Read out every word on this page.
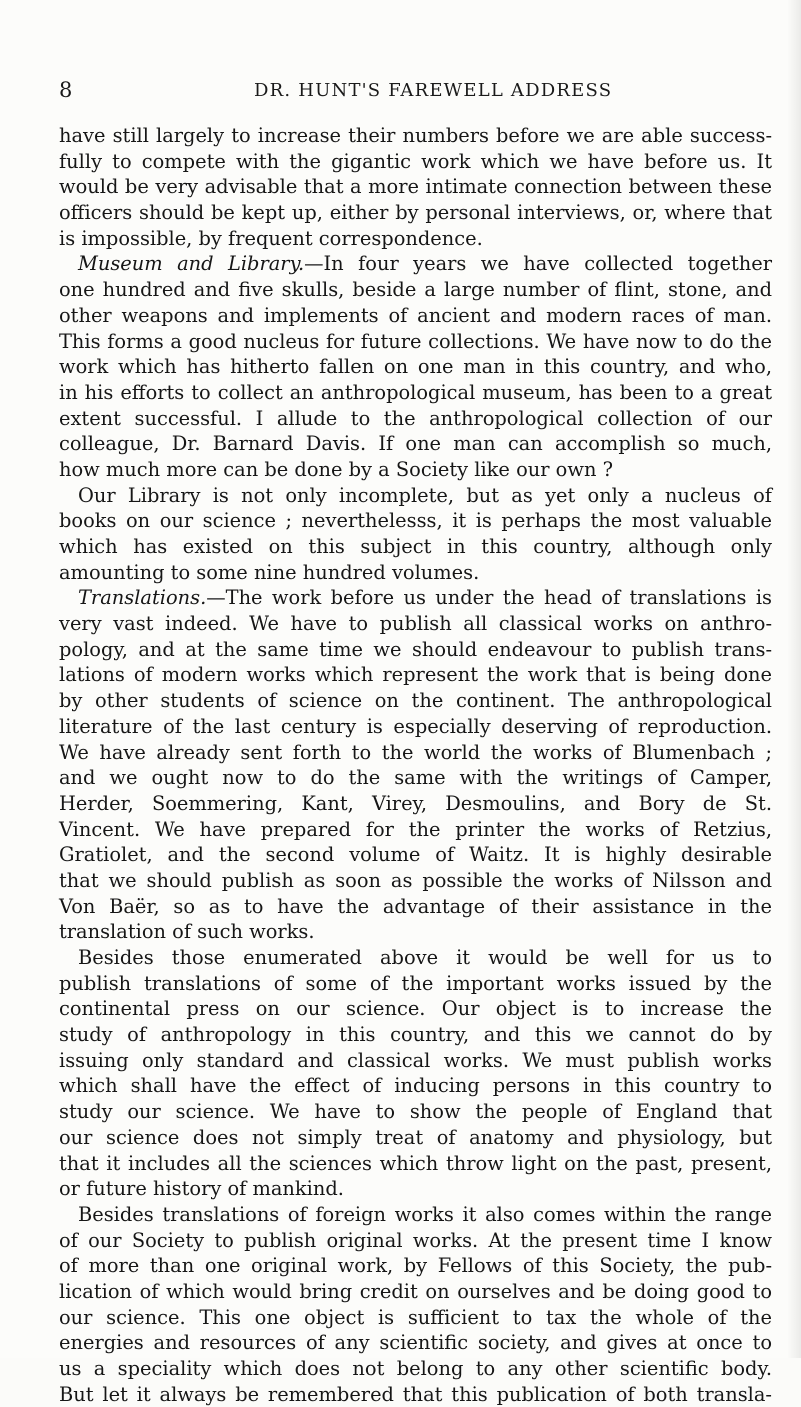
8	DR. HUNT'S FAREWELL ADDRESS
have still largely to increase their numbers before we are able success-
fully to compete with the gigantic work which we have before us. It
would be very advisable that a more intimate connection between these
officers should be kept up, either by personal interviews, or, where that
is impossible, by frequent correspondence.
Museum and Library.—In four years we have collected together
one hundred and five skulls, beside a large number of flint, stone, and
other weapons and implements of ancient and modern races of man.
This forms a good nucleus for future collections. We have now to do the
work which has hitherto fallen on one man in this country, and who,
in his efforts to collect an anthropological museum, has been to a great
extent successful. I allude to the anthropological collection of our
colleague, Dr. Barnard Davis. If one man can accomplish so much,
how much more can be done by a Society like our own ?
Our Library is not only incomplete, but as yet only a nucleus of
books on our science ; neverthelesss, it is perhaps the most valuable
which has existed on this subject in this country, although only
amounting to some nine hundred volumes.
Translations.—The work before us under the head of translations is
very vast indeed. We have to publish all classical works on anthro-
pology, and at the same time we should endeavour to publish trans-
lations of modern works which represent the work that is being done
by other students of science on the continent. The anthropological
literature of the last century is especially deserving of reproduction.
We have already sent forth to the world the works of Blumenbach ;
and we ought now to do the same with the writings of Camper,
Herder, Soemmering, Kant, Virey, Desmoulins, and Bory de St.
Vincent. We have prepared for the printer the works of Retzius,
Gratiolet, and the second volume of Waitz. It is highly desirable
that we should publish as soon as possible the works of Nilsson and
Von Baër, so as to have the advantage of their assistance in the
translation of such works.
Besides those enumerated above it would be well for us to
publish translations of some of the important works issued by the
continental press on our science. Our object is to increase the
study of anthropology in this country, and this we cannot do by
issuing only standard and classical works. We must publish works
which shall have the effect of inducing persons in this country to
study our science. We have to show the people of England that
our science does not simply treat of anatomy and physiology, but
that it includes all the sciences which throw light on the past, present,
or future history of mankind.
Besides translations of foreign works it also comes within the range
of our Society to publish original works. At the present time I know
of more than one original work, by Fellows of this Society, the pub-
lication of which would bring credit on ourselves and be doing good to
our science. This one object is sufficient to tax the whole of the
energies and resources of any scientific society, and gives at once to
us a speciality which does not belong to any other scientific body.
But let it always be remembered that this publication of both transla-
